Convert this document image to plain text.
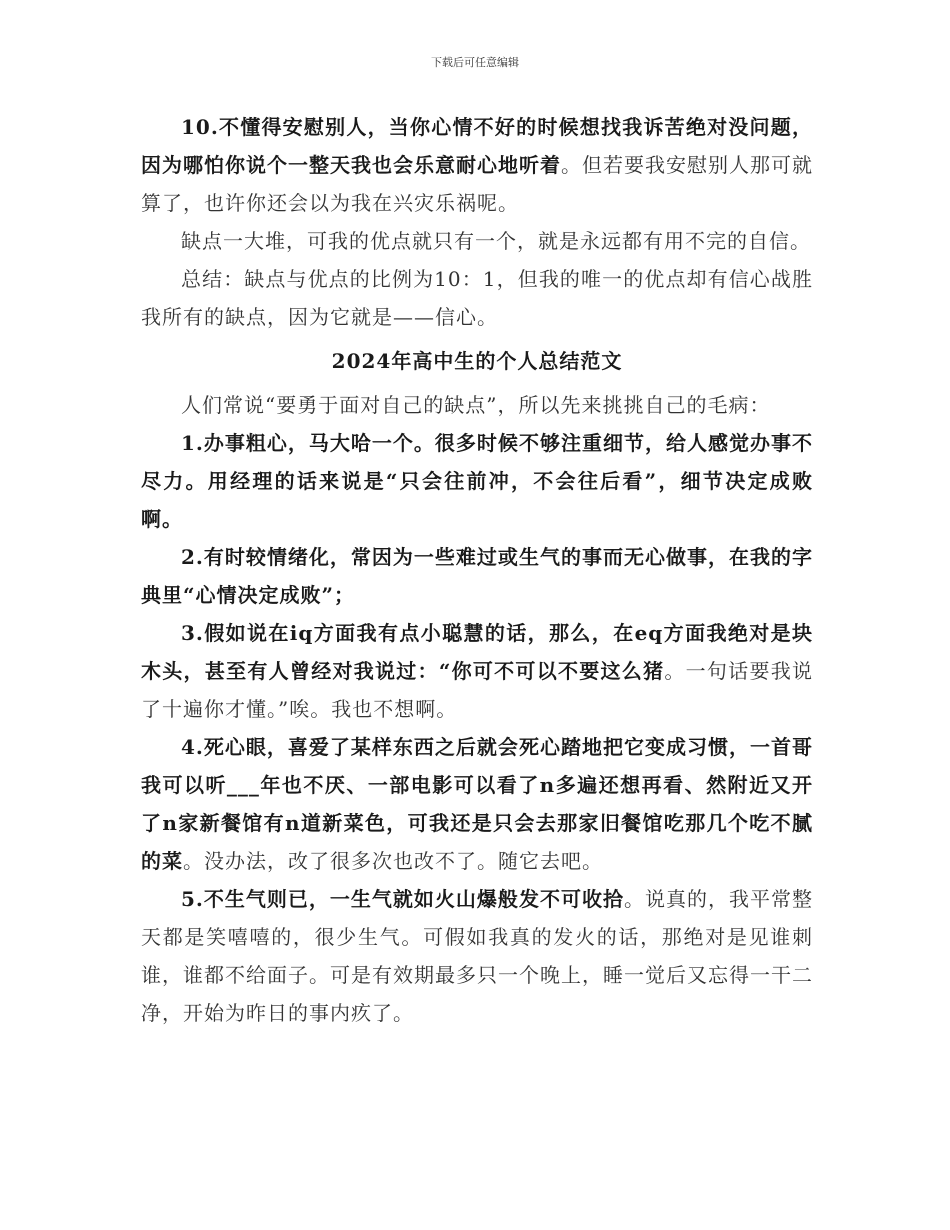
下载后可任意编辑

10.不懂得安慰别人，当你心情不好的时候想找我诉苦绝对没问题，因为哪怕你说个一整天我也会乐意耐心地听着。但若要我安慰别人那可就算了，也许你还会以为我在兴灾乐祸呢。

缺点一大堆，可我的优点就只有一个，就是永远都有用不完的自信。

总结：缺点与优点的比例为10：1，但我的唯一的优点却有信心战胜我所有的缺点，因为它就是——信心。

2024年高中生的个人总结范文

人们常说“要勇于面对自己的缺点”，所以先来挑挑自己的毛病：

1.办事粗心，马大哈一个。很多时候不够注重细节，给人感觉办事不尽力。用经理的话来说是“只会往前冲，不会往后看”，细节决定成败啊。

2.有时较情绪化，常因为一些难过或生气的事而无心做事，在我的字典里“心情决定成败”；

3.假如说在iq方面我有点小聪慧的话，那么，在eq方面我绝对是块木头，甚至有人曾经对我说过：“你可不可以不要这么猪。一句话要我说了十遍你才懂。”唉。我也不想啊。

4.死心眼，喜爱了某样东西之后就会死心踏地把它变成习惯，一首哥我可以听___年也不厌、一部电影可以看了n多遍还想再看、然附近又开了n家新餐馆有n道新菜色，可我还是只会去那家旧餐馆吃那几个吃不腻的菜。没办法，改了很多次也改不了。随它去吧。

5.不生气则已，一生气就如火山爆般发不可收拾。说真的，我平常整天都是笑嘻嘻的，很少生气。可假如我真的发火的话，那绝对是见谁刺谁，谁都不给面子。可是有效期最多只一个晚上，睡一觉后又忘得一干二净，开始为昨日的事内疚了。
